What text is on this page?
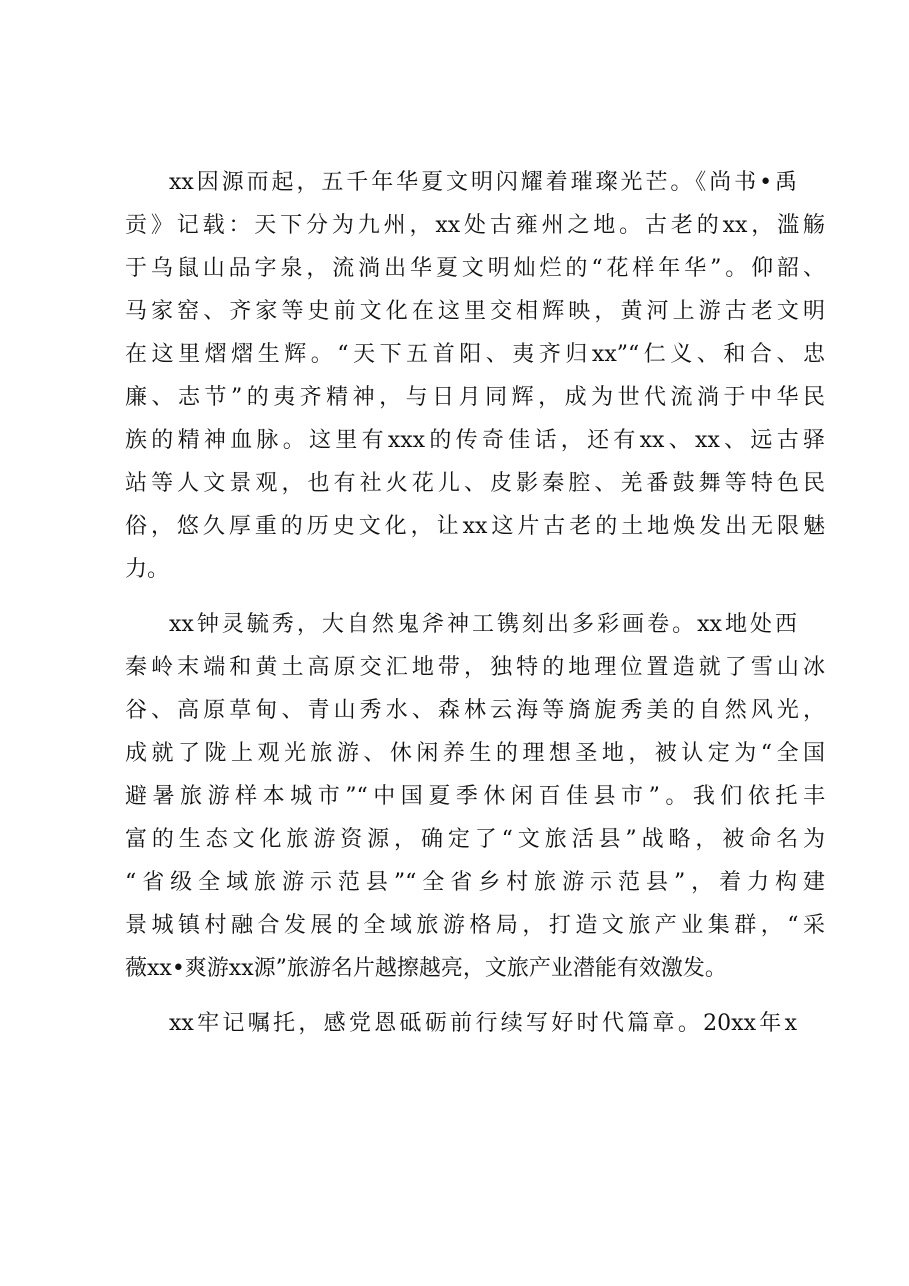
xx因源而起，五千年华夏文明闪耀着璀璨光芒。《尚书•禹
贡》记载：天下分为九州，xx处古雍州之地。古老的xx，滥觞
于乌鼠山品字泉，流淌出华夏文明灿烂的“花样年华”。仰韶、
马家窑、齐家等史前文化在这里交相辉映，黄河上游古老文明
在这里熠熠生辉。“天下五首阳、夷齐归xx”“仁义、和合、忠
廉、志节”的夷齐精神，与日月同辉，成为世代流淌于中华民
族的精神血脉。这里有xxx的传奇佳话，还有xx、xx、远古驿
站等人文景观，也有社火花儿、皮影秦腔、羌番鼓舞等特色民
俗，悠久厚重的历史文化，让xx这片古老的土地焕发出无限魅
力。
xx钟灵毓秀，大自然鬼斧神工镌刻出多彩画卷。xx地处西
秦岭末端和黄土高原交汇地带，独特的地理位置造就了雪山冰
谷、高原草甸、青山秀水、森林云海等旖旎秀美的自然风光，
成就了陇上观光旅游、休闲养生的理想圣地，被认定为“全国
避暑旅游样本城市”“中国夏季休闲百佳县市”。我们依托丰
富的生态文化旅游资源，确定了“文旅活县”战略，被命名为
“省级全域旅游示范县”“全省乡村旅游示范县”，着力构建
景城镇村融合发展的全域旅游格局，打造文旅产业集群，“采
薇xx•爽游xx源”旅游名片越擦越亮，文旅产业潜能有效激发。
xx牢记嘱托，感党恩砥砺前行续写好时代篇章。20xx年x
